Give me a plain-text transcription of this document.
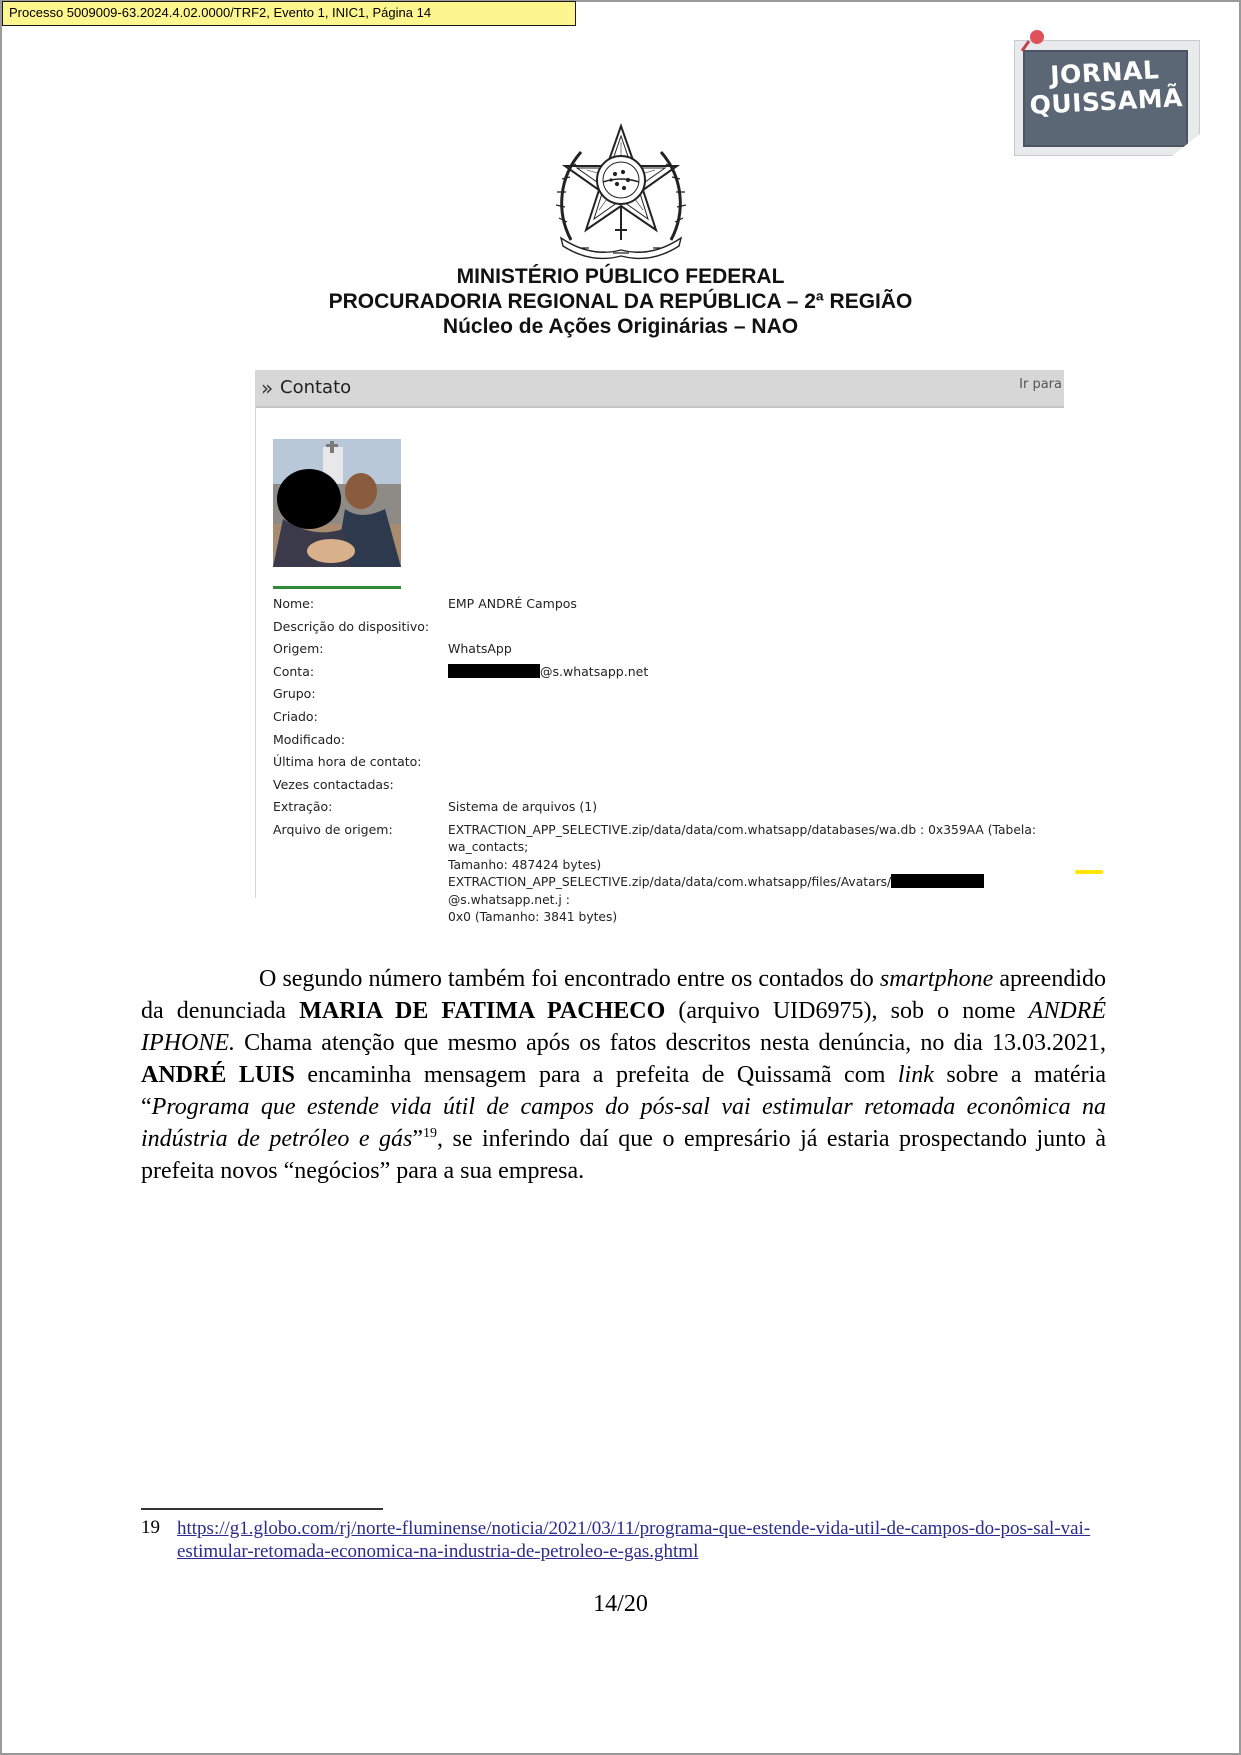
Processo 5009009-63.2024.4.02.0000/TRF2, Evento 1, INIC1, Página 14
JORNAL
QUISSAMÃ
MINISTÉRIO PÚBLICO FEDERAL
PROCURADORIA REGIONAL DA REPÚBLICA – 2ª REGIÃO
Núcleo de Ações Originárias – NAO
» Contato	Ir para
Nome:	EMP ANDRÉ Campos
Descrição do dispositivo:
Origem:	WhatsApp
Conta:	@s.whatsapp.net
Grupo:
Criado:
Modificado:
Última hora de contato:
Vezes contactadas:
Extração:	Sistema de arquivos (1)
Arquivo de origem:	EXTRACTION_APP_SELECTIVE.zip/data/data/com.whatsapp/databases/wa.db : 0x359AA (Tabela: wa_contacts;
Tamanho: 487424 bytes)
EXTRACTION_APP_SELECTIVE.zip/data/data/com.whatsapp/files/Avatars/@s.whatsapp.net.j :
0x0 (Tamanho: 3841 bytes)
O segundo número também foi encontrado entre os contados do smartphone apreendido da denunciada MARIA DE FATIMA PACHECO (arquivo UID6975), sob o nome ANDRÉ IPHONE. Chama atenção que mesmo após os fatos descritos nesta denúncia, no dia 13.03.2021, ANDRÉ LUIS encaminha mensagem para a prefeita de Quissamã com link sobre a matéria “Programa que estende vida útil de campos do pós-sal vai estimular retomada econômica na indústria de petróleo e gás”$^{19}$, se inferindo daí que o empresário já estaria prospectando junto à prefeita novos “negócios” para a sua empresa.
19 https://g1.globo.com/rj/norte-fluminense/noticia/2021/03/11/programa-que-estende-vida-util-de-campos-do-pos-sal-vai-estimular-retomada-economica-na-industria-de-petroleo-e-gas.ghtml
14/20
